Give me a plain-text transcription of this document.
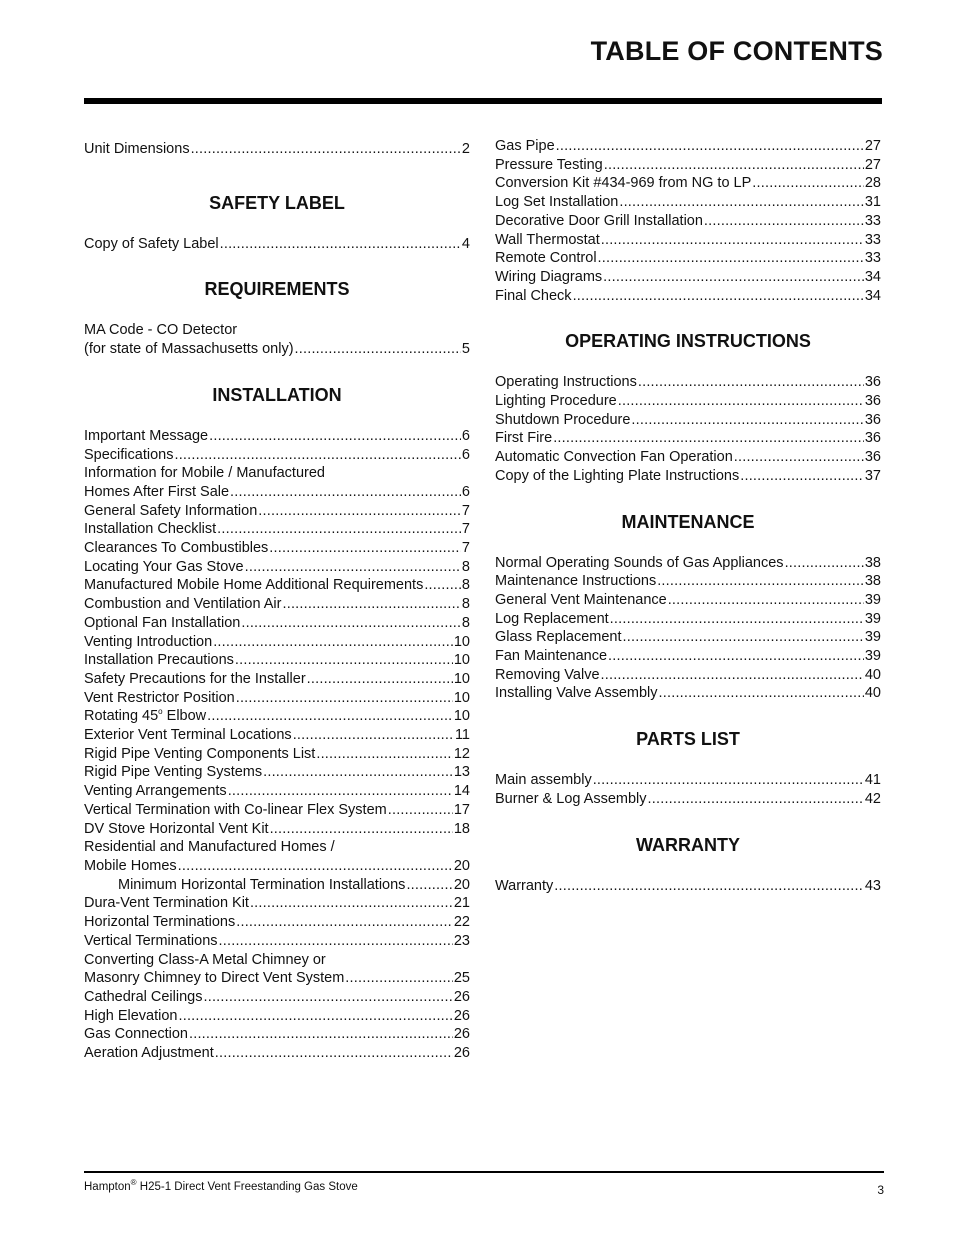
TABLE OF CONTENTS
Unit Dimensions .....	2
SAFETY LABEL
Copy of Safety Label .....	4
REQUIREMENTS
MA Code - CO Detector
(for state of Massachusetts only) .....	5
INSTALLATION
Important Message .....	6
Specifications .....	6
Information for Mobile / Manufactured
Homes After First Sale .....	6
General Safety Information .....	7
Installation Checklist .....	7
Clearances To Combustibles .....	7
Locating Your Gas Stove .....	8
Manufactured Mobile Home Additional Requirements .....	8
Combustion and Ventilation Air .....	8
Optional Fan Installation .....	8
Venting Introduction .....	10
Installation Precautions .....	10
Safety Precautions for the Installer .....	10
Vent Restrictor Position .....	10
Rotating 45$^o$ Elbow .....	10
Exterior Vent Terminal Locations .....	11
Rigid Pipe Venting Components List .....	12
Rigid Pipe Venting Systems .....	13
Venting Arrangements .....	14
Vertical Termination with Co-linear Flex System .....	17
DV Stove Horizontal Vent Kit .....	18
Residential and Manufactured Homes /
Mobile Homes .....	20
Minimum Horizontal Termination Installations .....	20
Dura-Vent Termination Kit .....	21
Horizontal Terminations .....	22
Vertical Terminations .....	23
Converting Class-A Metal Chimney or
Masonry Chimney to Direct Vent System .....	25
Cathedral Ceilings .....	26
High Elevation .....	26
Gas Connection .....	26
Aeration Adjustment .....	26
Gas Pipe .....	27
Pressure Testing .....	27
Conversion Kit #434-969 from NG to LP .....	28
Log Set Installation .....	31
Decorative Door Grill Installation .....	33
Wall Thermostat .....	33
Remote Control .....	33
Wiring Diagrams .....	34
Final Check .....	34
OPERATING INSTRUCTIONS
Operating Instructions .....	36
Lighting Procedure .....	36
Shutdown Procedure .....	36
First Fire .....	36
Automatic Convection Fan Operation .....	36
Copy of the Lighting Plate Instructions .....	37
MAINTENANCE
Normal Operating Sounds of Gas Appliances .....	38
Maintenance Instructions .....	38
General Vent Maintenance .....	39
Log Replacement .....	39
Glass Replacement .....	39
Fan Maintenance .....	39
Removing Valve .....	40
Installing Valve Assembly .....	40
PARTS LIST
Main assembly .....	41
Burner & Log Assembly .....	42
WARRANTY
Warranty .....	43
Hampton® H25-1 Direct Vent Freestanding Gas Stove	3
